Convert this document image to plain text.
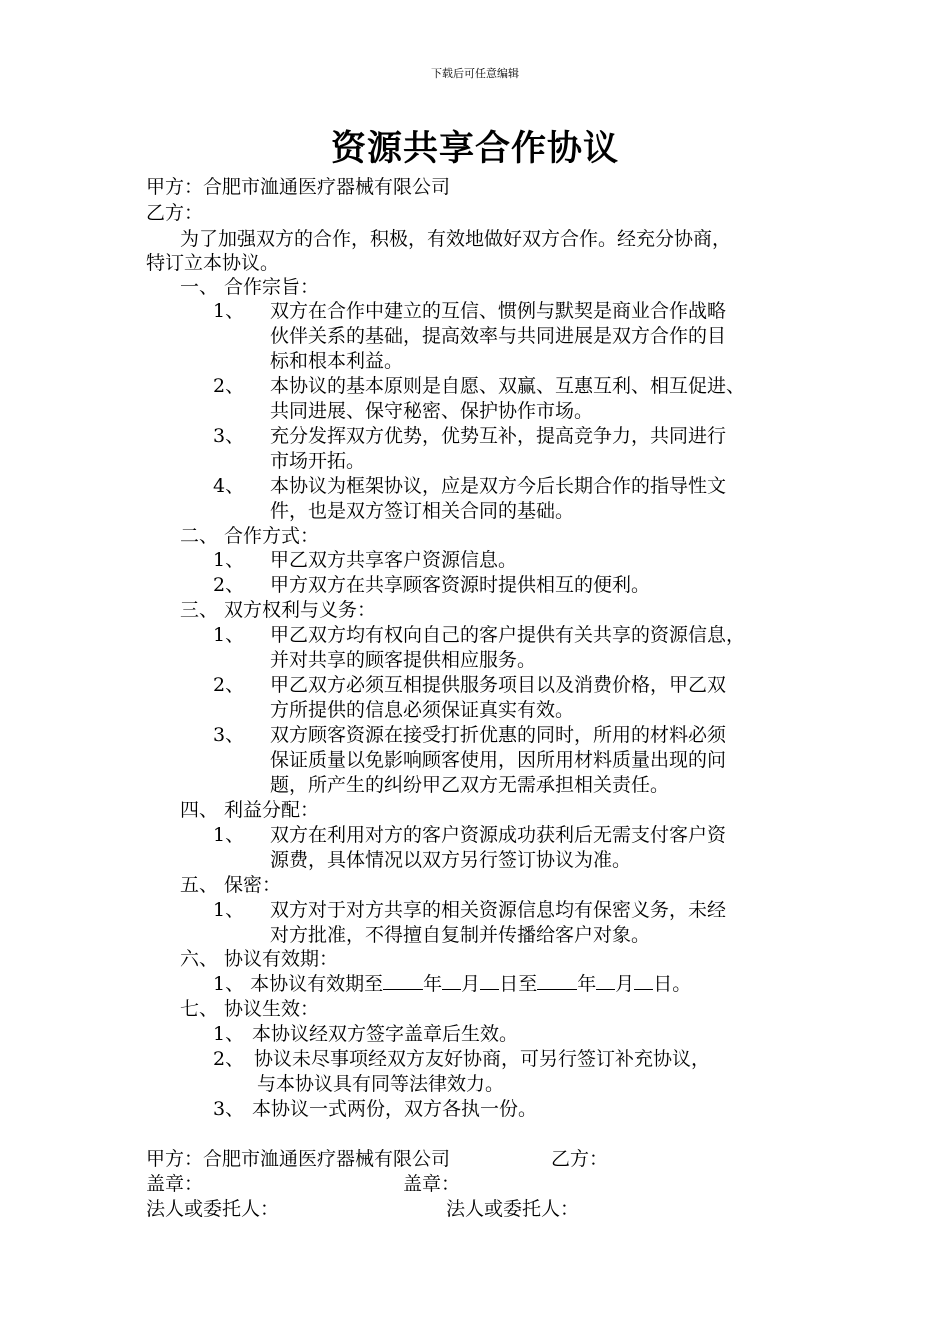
下载后可任意编辑
资源共享合作协议
甲方：合肥市洫通医疗器械有限公司
乙方：
为了加强双方的合作，积极，有效地做好双方合作。经充分协商，
特订立本协议。
一、 合作宗旨：
1、 双方在合作中建立的互信、惯例与默契是商业合作战略
伙伴关系的基础，提高效率与共同进展是双方合作的目
标和根本利益。
2、 本协议的基本原则是自愿、双赢、互惠互利、相互促进、
共同进展、保守秘密、保护协作市场。
3、 充分发挥双方优势，优势互补，提高竞争力，共同进行
市场开拓。
4、 本协议为框架协议，应是双方今后长期合作的指导性文
件，也是双方签订相关合同的基础。
二、 合作方式：
1、 甲乙双方共享客户资源信息。
2、 甲方双方在共享顾客资源时提供相互的便利。
三、 双方权利与义务：
1、 甲乙双方均有权向自己的客户提供有关共享的资源信息，
并对共享的顾客提供相应服务。
2、 甲乙双方必须互相提供服务项目以及消费价格，甲乙双
方所提供的信息必须保证真实有效。
3、 双方顾客资源在接受打折优惠的同时，所用的材料必须
保证质量以免影响顾客使用，因所用材料质量出现的问
题，所产生的纠纷甲乙双方无需承担相关责任。
四、 利益分配：
1、 双方在利用对方的客户资源成功获利后无需支付客户资
源费，具体情况以双方另行签订协议为准。
五、 保密：
1、 双方对于对方共享的相关资源信息均有保密义务，未经
对方批准，不得擅自复制并传播给客户对象。
六、 协议有效期：
1、 本协议有效期至 年 月 日至 年 月 日。
七、 协议生效：
1、 本协议经双方签字盖章后生效。
2、 协议未尽事项经双方友好协商，可另行签订补充协议，
与本协议具有同等法律效力。
3、 本协议一式两份，双方各执一份。
甲方：合肥市洫通医疗器械有限公司	乙方：
盖章：	盖章：
法人或委托人：	法人或委托人：
